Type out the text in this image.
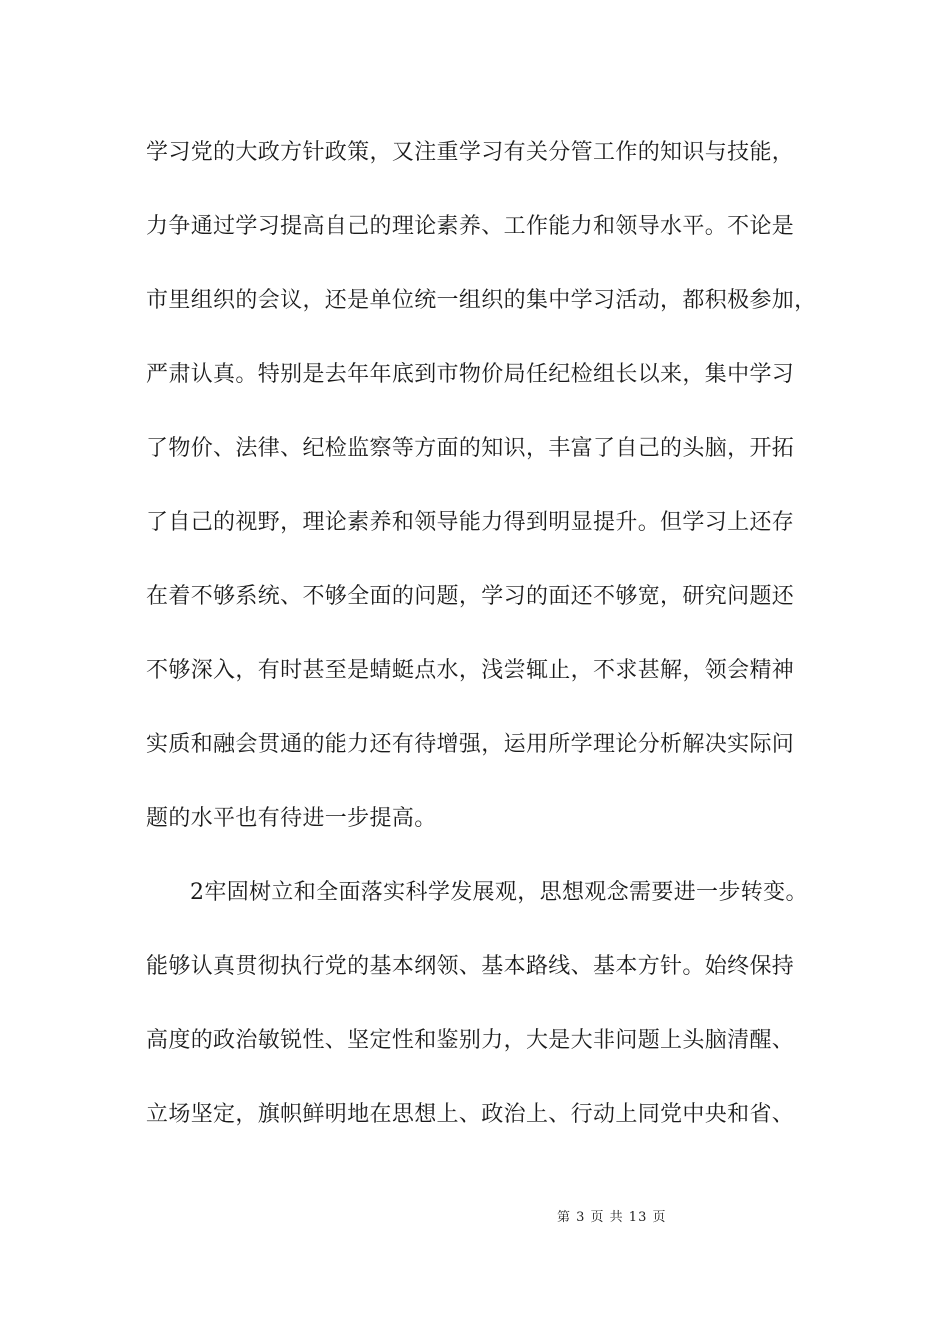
学习党的大政方针政策，又注重学习有关分管工作的知识与技能，
力争通过学习提高自己的理论素养、工作能力和领导水平。不论是
市里组织的会议，还是单位统一组织的集中学习活动，都积极参加，
严肃认真。特别是去年年底到市物价局任纪检组长以来，集中学习
了物价、法律、纪检监察等方面的知识，丰富了自己的头脑，开拓
了自己的视野，理论素养和领导能力得到明显提升。但学习上还存
在着不够系统、不够全面的问题，学习的面还不够宽，研究问题还
不够深入，有时甚至是蜻蜓点水，浅尝辄止，不求甚解，领会精神
实质和融会贯通的能力还有待增强，运用所学理论分析解决实际问
题的水平也有待进一步提高。
2牢固树立和全面落实科学发展观，思想观念需要进一步转变。
能够认真贯彻执行党的基本纲领、基本路线、基本方针。始终保持
高度的政治敏锐性、坚定性和鉴别力，大是大非问题上头脑清醒、
立场坚定，旗帜鲜明地在思想上、政治上、行动上同党中央和省、
第 3 页 共 13 页
